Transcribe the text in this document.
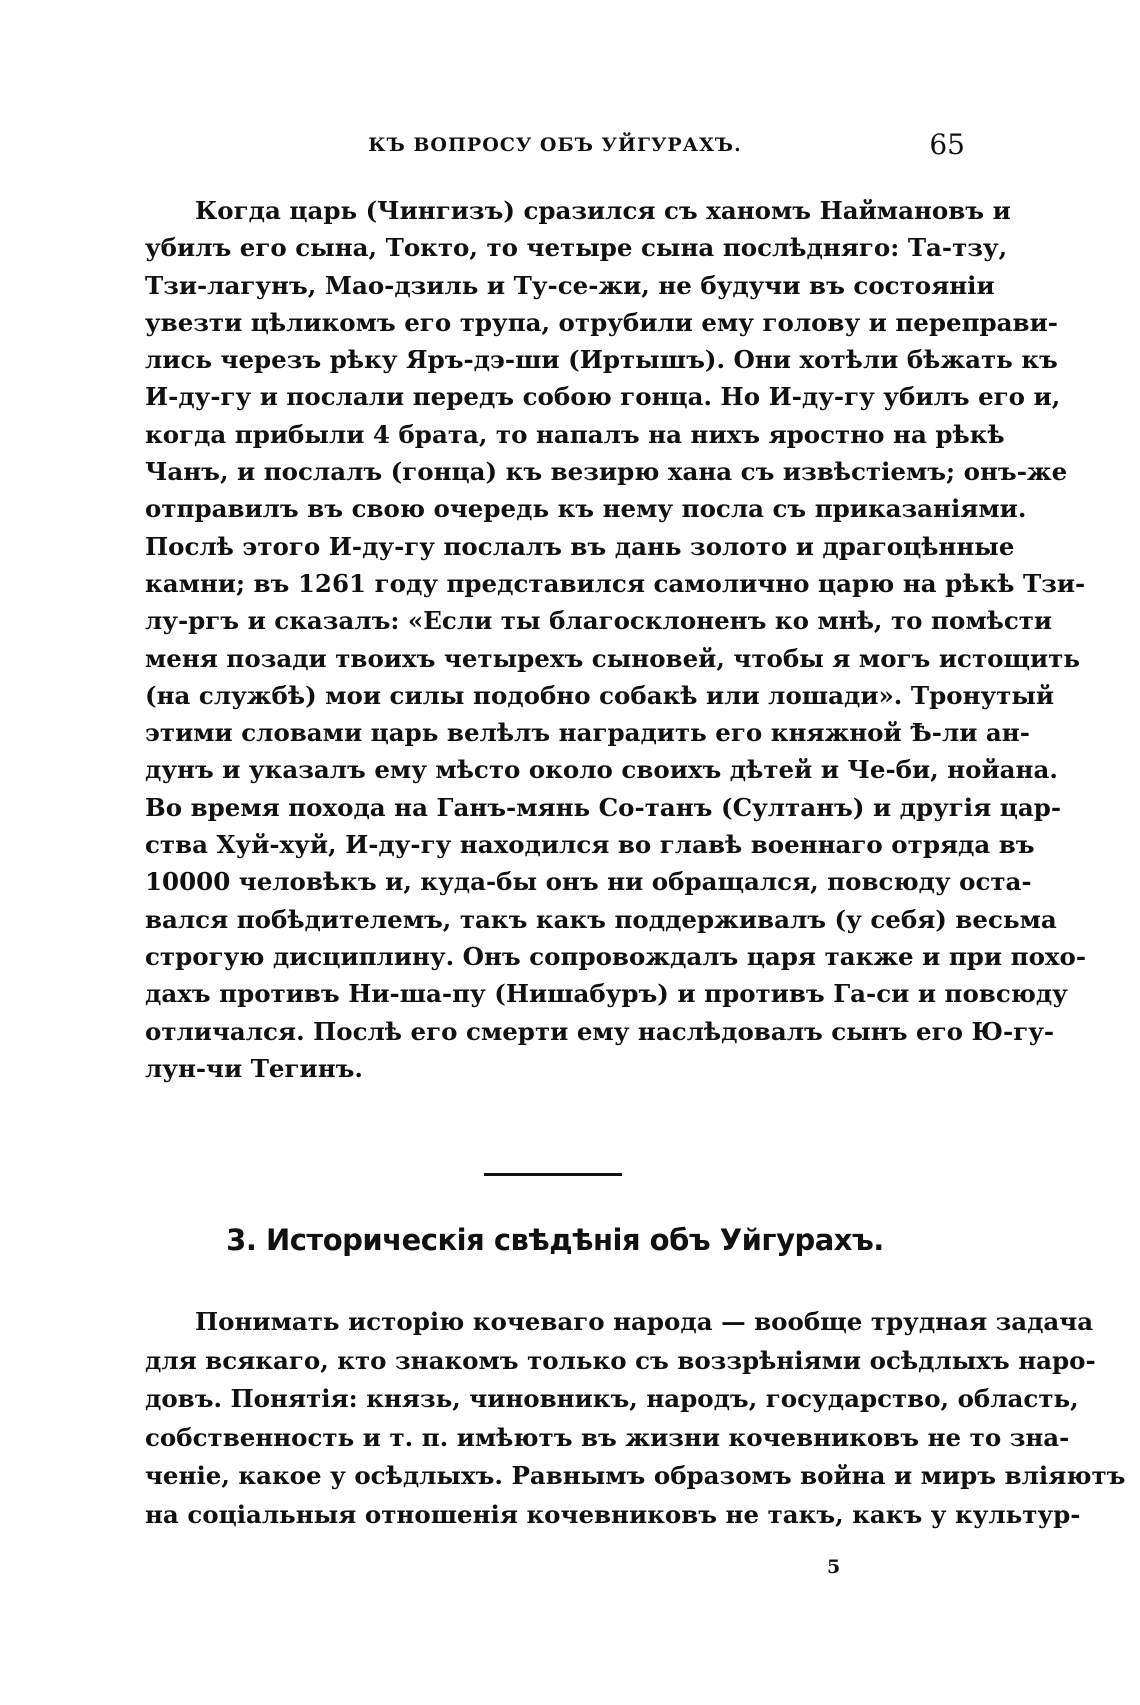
КЪ ВОПРОСУ ОБЪ УЙГУРАХЪ.	65
Когда царь (Чингизъ) сразился съ ханомъ Наймановъ и
убилъ его сына, Токто, то четыре сына послѣдняго: Та-тзу,
Тзи-лагунъ, Мао-дзиль и Ту-се-жи, не будучи въ состояніи
увезти цѣликомъ его трупа, отрубили ему голову и переправи-
лись черезъ рѣку Яръ-дэ-ши (Иртышъ). Они хотѣли бѣжать къ
И-ду-гу и послали передъ собою гонца. Но И-ду-гу убилъ его и,
когда прибыли 4 брата, то напалъ на нихъ яростно на рѣкѣ
Чанъ, и послалъ (гонца) къ везирю хана съ извѣстіемъ; онъ-же
отправилъ въ свою очередь къ нему посла съ приказаніями.
Послѣ этого И-ду-гу послалъ въ дань золото и драгоцѣнные
камни; въ 1261 году представился самолично царю на рѣкѣ Тзи-
лу-ргъ и сказалъ: «Если ты благосклоненъ ко мнѣ, то помѣсти
меня позади твоихъ четырехъ сыновей, чтобы я могъ истощить
(на службѣ) мои силы подобно собакѣ или лошади». Тронутый
этими словами царь велѣлъ наградить его княжной Ѣ-ли ан-
дунъ и указалъ ему мѣсто около своихъ дѣтей и Че-би, нойана.
Во время похода на Ганъ-мянь Со-танъ (Султанъ) и другія цар-
ства Хуй-хуй, И-ду-гу находился во главѣ военнаго отряда въ
10000 человѣкъ и, куда-бы онъ ни обращался, повсюду оста-
вался побѣдителемъ, такъ какъ поддерживалъ (у себя) весьма
строгую дисциплину. Онъ сопровождалъ царя также и при похо-
дахъ противъ Ни-ша-пу (Нишабуръ) и противъ Га-си и повсюду
отличался. Послѣ его смерти ему наслѣдовалъ сынъ его Ю-гу-
лун-чи Тегинъ.
3. Историческія свѣдѣнія объ Уйгурахъ.
Понимать исторію кочеваго народа — вообще трудная задача
для всякаго, кто знакомъ только съ воззрѣніями осѣдлыхъ наро-
довъ. Понятія: князь, чиновникъ, народъ, государство, область,
собственность и т. п. имѣютъ въ жизни кочевниковъ не то зна-
ченіе, какое у осѣдлыхъ. Равнымъ образомъ война и миръ вліяютъ
на соціальныя отношенія кочевниковъ не такъ, какъ у культур-
5
